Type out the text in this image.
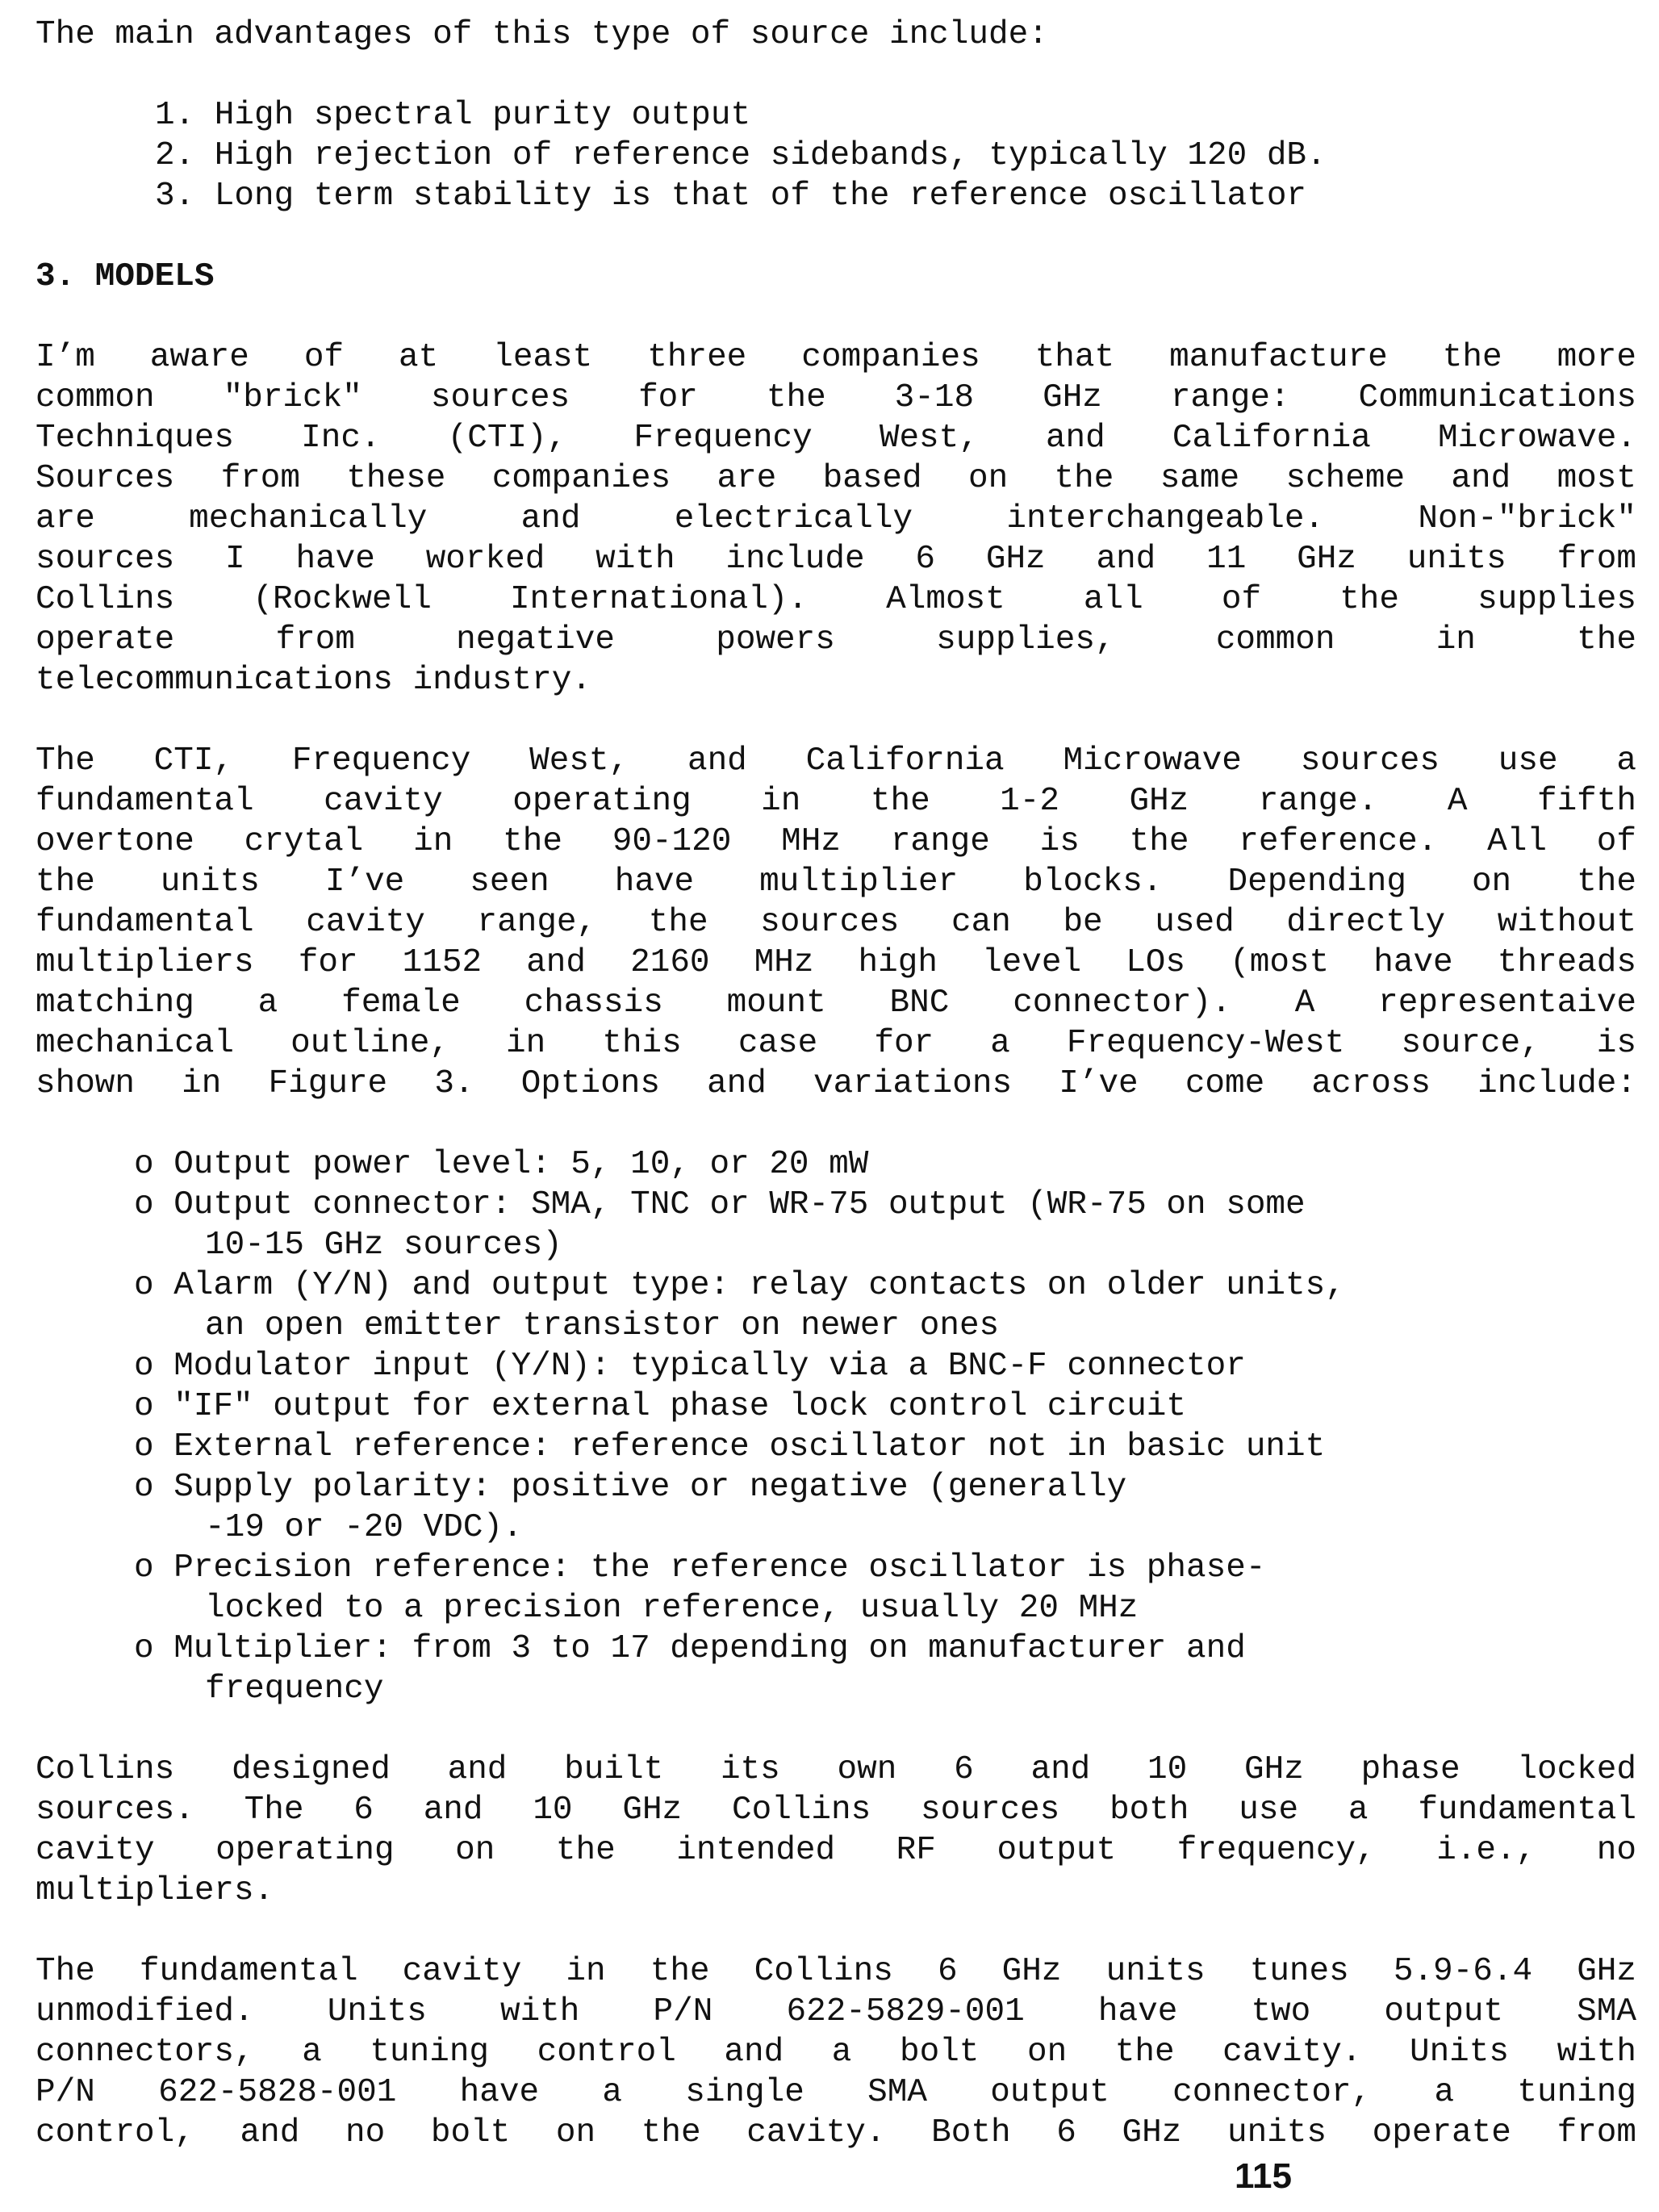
The main advantages of this type of source include:
1. High spectral purity output
2. High rejection of reference sidebands, typically 120 dB.
3. Long term stability is that of the reference oscillator
3. MODELS
I’m aware of at least three companies that manufacture the more
common "brick" sources for the 3-18 GHz range: Communications
Techniques Inc. (CTI), Frequency West, and California Microwave.
Sources from these companies are based on the same scheme and most
are mechanically and electrically interchangeable. Non-"brick"
sources I have worked with include 6 GHz and 11 GHz units from
Collins (Rockwell International). Almost all of the supplies
operate from negative powers supplies, common in the
telecommunications industry.
The CTI, Frequency West, and California Microwave sources use a
fundamental cavity operating in the 1-2 GHz range. A fifth
overtone crytal in the 90-120 MHz range is the reference. All of
the units I’ve seen have multiplier blocks. Depending on the
fundamental cavity range, the sources can be used directly without
multipliers for 1152 and 2160 MHz high level LOs (most have threads
matching a female chassis mount BNC connector). A representaive
mechanical outline, in this case for a Frequency-West source, is
shown in Figure 3. Options and variations I’ve come across include:
o Output power level: 5, 10, or 20 mW
o Output connector: SMA, TNC or WR-75 output (WR-75 on some
10-15 GHz sources)
o Alarm (Y/N) and output type: relay contacts on older units,
an open emitter transistor on newer ones
o Modulator input (Y/N): typically via a BNC-F connector
o "IF" output for external phase lock control circuit
o External reference: reference oscillator not in basic unit
o Supply polarity: positive or negative (generally
-19 or -20 VDC).
o Precision reference: the reference oscillator is phase-
locked to a precision reference, usually 20 MHz
o Multiplier: from 3 to 17 depending on manufacturer and
frequency
Collins designed and built its own 6 and 10 GHz phase locked
sources. The 6 and 10 GHz Collins sources both use a fundamental
cavity operating on the intended RF output frequency, i.e., no
multipliers.
The fundamental cavity in the Collins 6 GHz units tunes 5.9-6.4 GHz
unmodified. Units with P/N 622-5829-001 have two output SMA
connectors, a tuning control and a bolt on the cavity. Units with
P/N 622-5828-001 have a single SMA output connector, a tuning
control, and no bolt on the cavity. Both 6 GHz units operate from
115
